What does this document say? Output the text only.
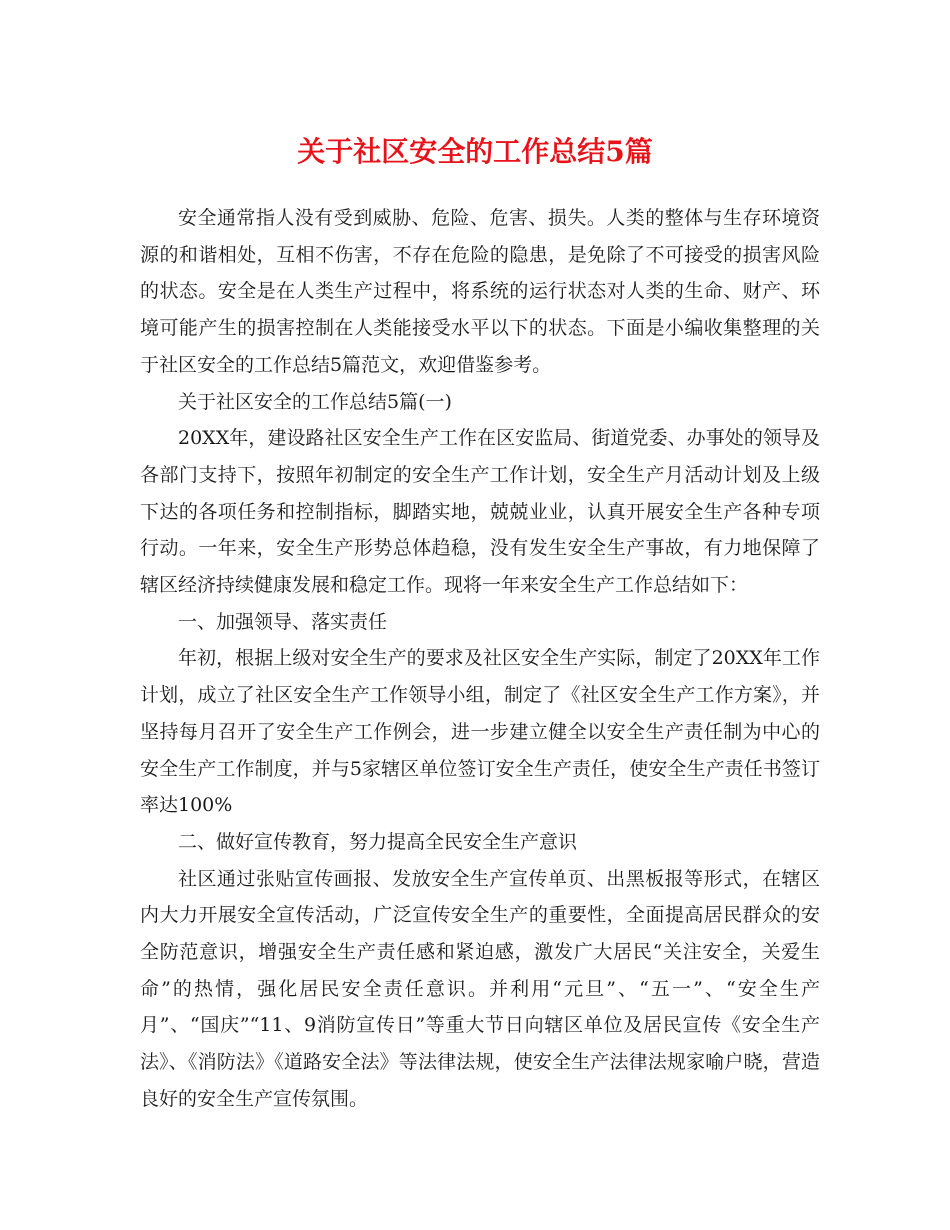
关于社区安全的工作总结5篇

安全通常指人没有受到威胁、危险、危害、损失。人类的整体与生存环境资源的和谐相处，互相不伤害，不存在危险的隐患，是免除了不可接受的损害风险的状态。安全是在人类生产过程中，将系统的运行状态对人类的生命、财产、环境可能产生的损害控制在人类能接受水平以下的状态。下面是小编收集整理的关于社区安全的工作总结5篇范文，欢迎借鉴参考。

关于社区安全的工作总结5篇(一)

20XX年，建设路社区安全生产工作在区安监局、街道党委、办事处的领导及各部门支持下，按照年初制定的安全生产工作计划，安全生产月活动计划及上级下达的各项任务和控制指标，脚踏实地，兢兢业业，认真开展安全生产各种专项行动。一年来，安全生产形势总体趋稳，没有发生安全生产事故，有力地保障了辖区经济持续健康发展和稳定工作。现将一年来安全生产工作总结如下：

一、加强领导、落实责任

年初，根据上级对安全生产的要求及社区安全生产实际，制定了20XX年工作计划，成立了社区安全生产工作领导小组，制定了《社区安全生产工作方案》，并坚持每月召开了安全生产工作例会，进一步建立健全以安全生产责任制为中心的安全生产工作制度，并与5家辖区单位签订安全生产责任，使安全生产责任书签订率达100%

二、做好宣传教育，努力提高全民安全生产意识

社区通过张贴宣传画报、发放安全生产宣传单页、出黑板报等形式，在辖区内大力开展安全宣传活动，广泛宣传安全生产的重要性，全面提高居民群众的安全防范意识，增强安全生产责任感和紧迫感，激发广大居民“关注安全，关爱生命”的热情，强化居民安全责任意识。并利用“元旦”、“五一”、“安全生产月”、“国庆”“11、9消防宣传日”等重大节日向辖区单位及居民宣传《安全生产法》、《消防法》《道路安全法》等法律法规，使安全生产法律法规家喻户晓，营造良好的安全生产宣传氛围。
